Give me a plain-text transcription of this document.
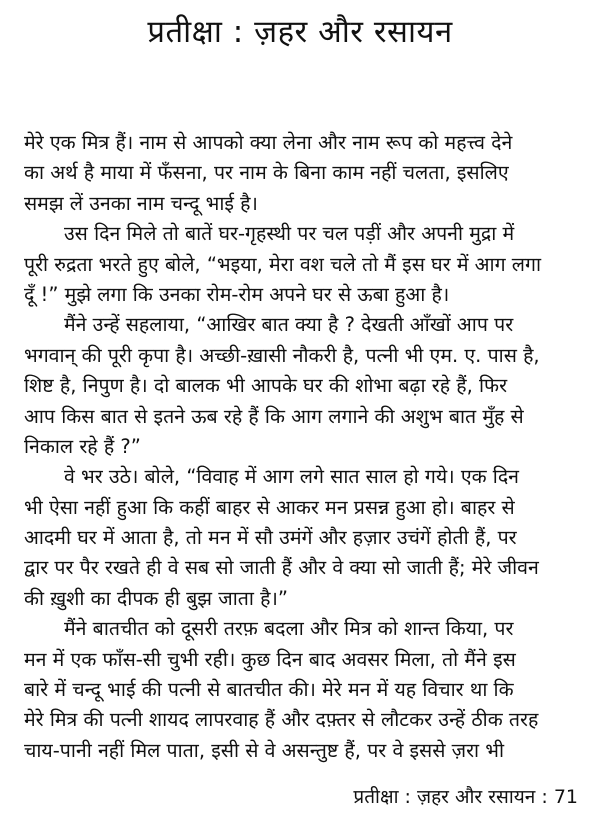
प्रतीक्षा : ज़हर और रसायन
मेरे एक मित्र हैं। नाम से आपको क्या लेना और नाम रूप को महत्त्व देने
का अर्थ है माया में फँसना, पर नाम के बिना काम नहीं चलता, इसलिए
समझ लें उनका नाम चन्दू भाई है।
उस दिन मिले तो बातें घर-गृहस्थी पर चल पड़ीं और अपनी मुद्रा में
पूरी रुद्रता भरते हुए बोले, “भइया, मेरा वश चले तो मैं इस घर में आग लगा
दूँ !” मुझे लगा कि उनका रोम-रोम अपने घर से ऊबा हुआ है।
मैंने उन्हें सहलाया, “आखिर बात क्या है ? देखती आँखों आप पर
भगवान् की पूरी कृपा है। अच्छी-ख़ासी नौकरी है, पत्नी भी एम. ए. पास है,
शिष्ट है, निपुण है। दो बालक भी आपके घर की शोभा बढ़ा रहे हैं, फिर
आप किस बात से इतने ऊब रहे हैं कि आग लगाने की अशुभ बात मुँह से
निकाल रहे हैं ?”
वे भर उठे। बोले, “विवाह में आग लगे सात साल हो गये। एक दिन
भी ऐसा नहीं हुआ कि कहीं बाहर से आकर मन प्रसन्न हुआ हो। बाहर से
आदमी घर में आता है, तो मन में सौ उमंगें और हज़ार उचंगें होती हैं, पर
द्वार पर पैर रखते ही वे सब सो जाती हैं और वे क्या सो जाती हैं; मेरे जीवन
की ख़ुशी का दीपक ही बुझ जाता है।”
मैंने बातचीत को दूसरी तरफ़ बदला और मित्र को शान्त किया, पर
मन में एक फाँस-सी चुभी रही। कुछ दिन बाद अवसर मिला, तो मैंने इस
बारे में चन्दू भाई की पत्नी से बातचीत की। मेरे मन में यह विचार था कि
मेरे मित्र की पत्नी शायद लापरवाह हैं और दफ़्तर से लौटकर उन्हें ठीक तरह
चाय-पानी नहीं मिल पाता, इसी से वे असन्तुष्ट हैं, पर वे इससे ज़रा भी
प्रतीक्षा : ज़हर और रसायन : 71
